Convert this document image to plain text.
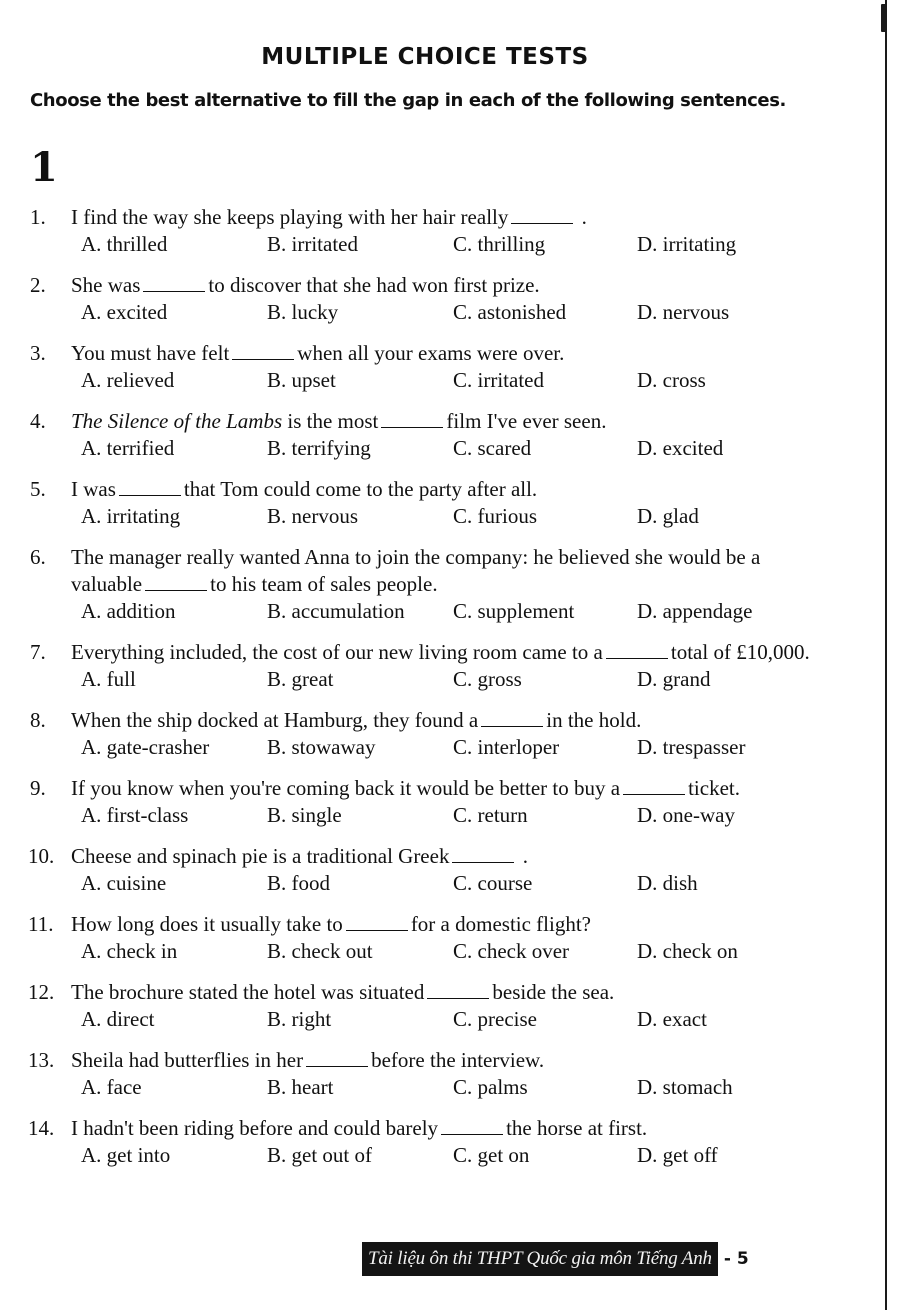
MULTIPLE CHOICE TESTS
Choose the best alternative to fill the gap in each of the following sentences.
1
1.	I find the way she keeps playing with her hair really	.
A. thrilled	B. irritated	C. thrilling	D. irritating
2.	She was	to discover that she had won first prize.
A. excited	B. lucky	C. astonished	D. nervous
3.	You must have felt	when all your exams were over.
A. relieved	B. upset	C. irritated	D. cross
4.	The Silence of the Lambs is the most	film I've ever seen.
A. terrified	B. terrifying	C. scared	D. excited
5.	I was	that Tom could come to the party after all.
A. irritating	B. nervous	C. furious	D. glad
6.	The manager really wanted Anna to join the company: he believed she would be a valuable	to his team of sales people.
A. addition	B. accumulation	C. supplement	D. appendage
7.	Everything included, the cost of our new living room came to a	total of £10,000.
A. full	B. great	C. gross	D. grand
8.	When the ship docked at Hamburg, they found a	in the hold.
A. gate-crasher	B. stowaway	C. interloper	D. trespasser
9.	If you know when you're coming back it would be better to buy a	ticket.
A. first-class	B. single	C. return	D. one-way
10. Cheese and spinach pie is a traditional Greek	.
A. cuisine	B. food	C. course	D. dish
11. How long does it usually take to	for a domestic flight?
A. check in	B. check out	C. check over	D. check on
12. The brochure stated the hotel was situated	beside the sea.
A. direct	B. right	C. precise	D. exact
13. Sheila had butterflies in her	before the interview.
A. face	B. heart	C. palms	D. stomach
14. I hadn't been riding before and could barely	the horse at first.
A. get into	B. get out of	C. get on	D. get off
Tài liệu ôn thi THPT Quốc gia môn Tiếng Anh - 5
